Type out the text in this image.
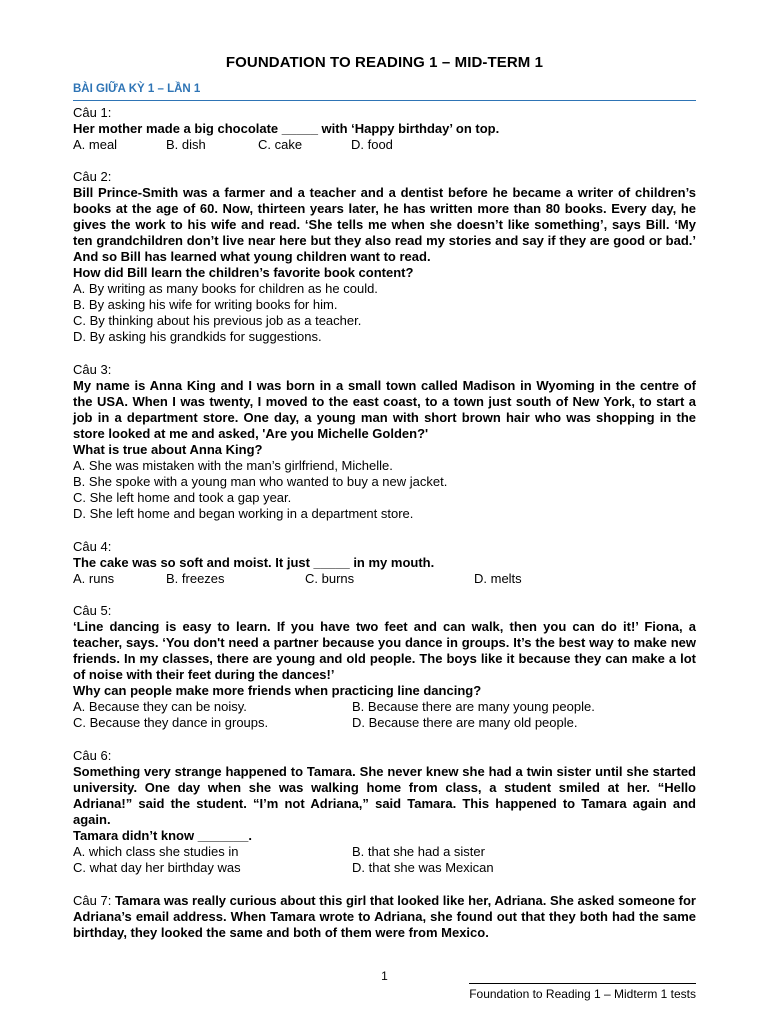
FOUNDATION TO READING 1 – MID-TERM 1
BÀI GIỮA KỲ 1 – LẦN 1
Câu 1:
Her mother made a big chocolate _____ with ‘Happy birthday’ on top.
A. meal	B. dish	C. cake	D. food
Câu 2:
Bill Prince-Smith was a farmer and a teacher and a dentist before he became a writer of children’s books at the age of 60. Now, thirteen years later, he has written more than 80 books. Every day, he gives the work to his wife and read. ‘She tells me when she doesn’t like something’, says Bill. ‘My ten grandchildren don’t live near here but they also read my stories and say if they are good or bad.’ And so Bill has learned what young children want to read.
How did Bill learn the children’s favorite book content?
A. By writing as many books for children as he could.
B. By asking his wife for writing books for him.
C. By thinking about his previous job as a teacher.
D. By asking his grandkids for suggestions.
Câu 3:
My name is Anna King and I was born in a small town called Madison in Wyoming in the centre of the USA. When I was twenty, I moved to the east coast, to a town just south of New York, to start a job in a department store. One day, a young man with short brown hair who was shopping in the store looked at me and asked, 'Are you Michelle Golden?'
What is true about Anna King?
A. She was mistaken with the man’s girlfriend, Michelle.
B. She spoke with a young man who wanted to buy a new jacket.
C. She left home and took a gap year.
D. She left home and began working in a department store.
Câu 4:
The cake was so soft and moist. It just _____ in my mouth.
A. runs	B. freezes	C. burns	D. melts
Câu 5:
‘Line dancing is easy to learn. If you have two feet and can walk, then you can do it!’ Fiona, a teacher, says. ‘You don't need a partner because you dance in groups. It’s the best way to make new friends. In my classes, there are young and old people. The boys like it because they can make a lot of noise with their feet during the dances!’
Why can people make more friends when practicing line dancing?
A. Because they can be noisy.	B. Because there are many young people.
C. Because they dance in groups.	D. Because there are many old people.
Câu 6:
Something very strange happened to Tamara. She never knew she had a twin sister until she started university. One day when she was walking home from class, a student smiled at her. “Hello Adriana!” said the student. “I’m not Adriana,” said Tamara. This happened to Tamara again and again.
Tamara didn’t know _______.
A. which class she studies in	B. that she had a sister
C. what day her birthday was	D. that she was Mexican
Câu 7: Tamara was really curious about this girl that looked like her, Adriana. She asked someone for Adriana’s email address. When Tamara wrote to Adriana, she found out that they both had the same birthday, they looked the same and both of them were from Mexico.
1
Foundation to Reading 1 – Midterm 1 tests
